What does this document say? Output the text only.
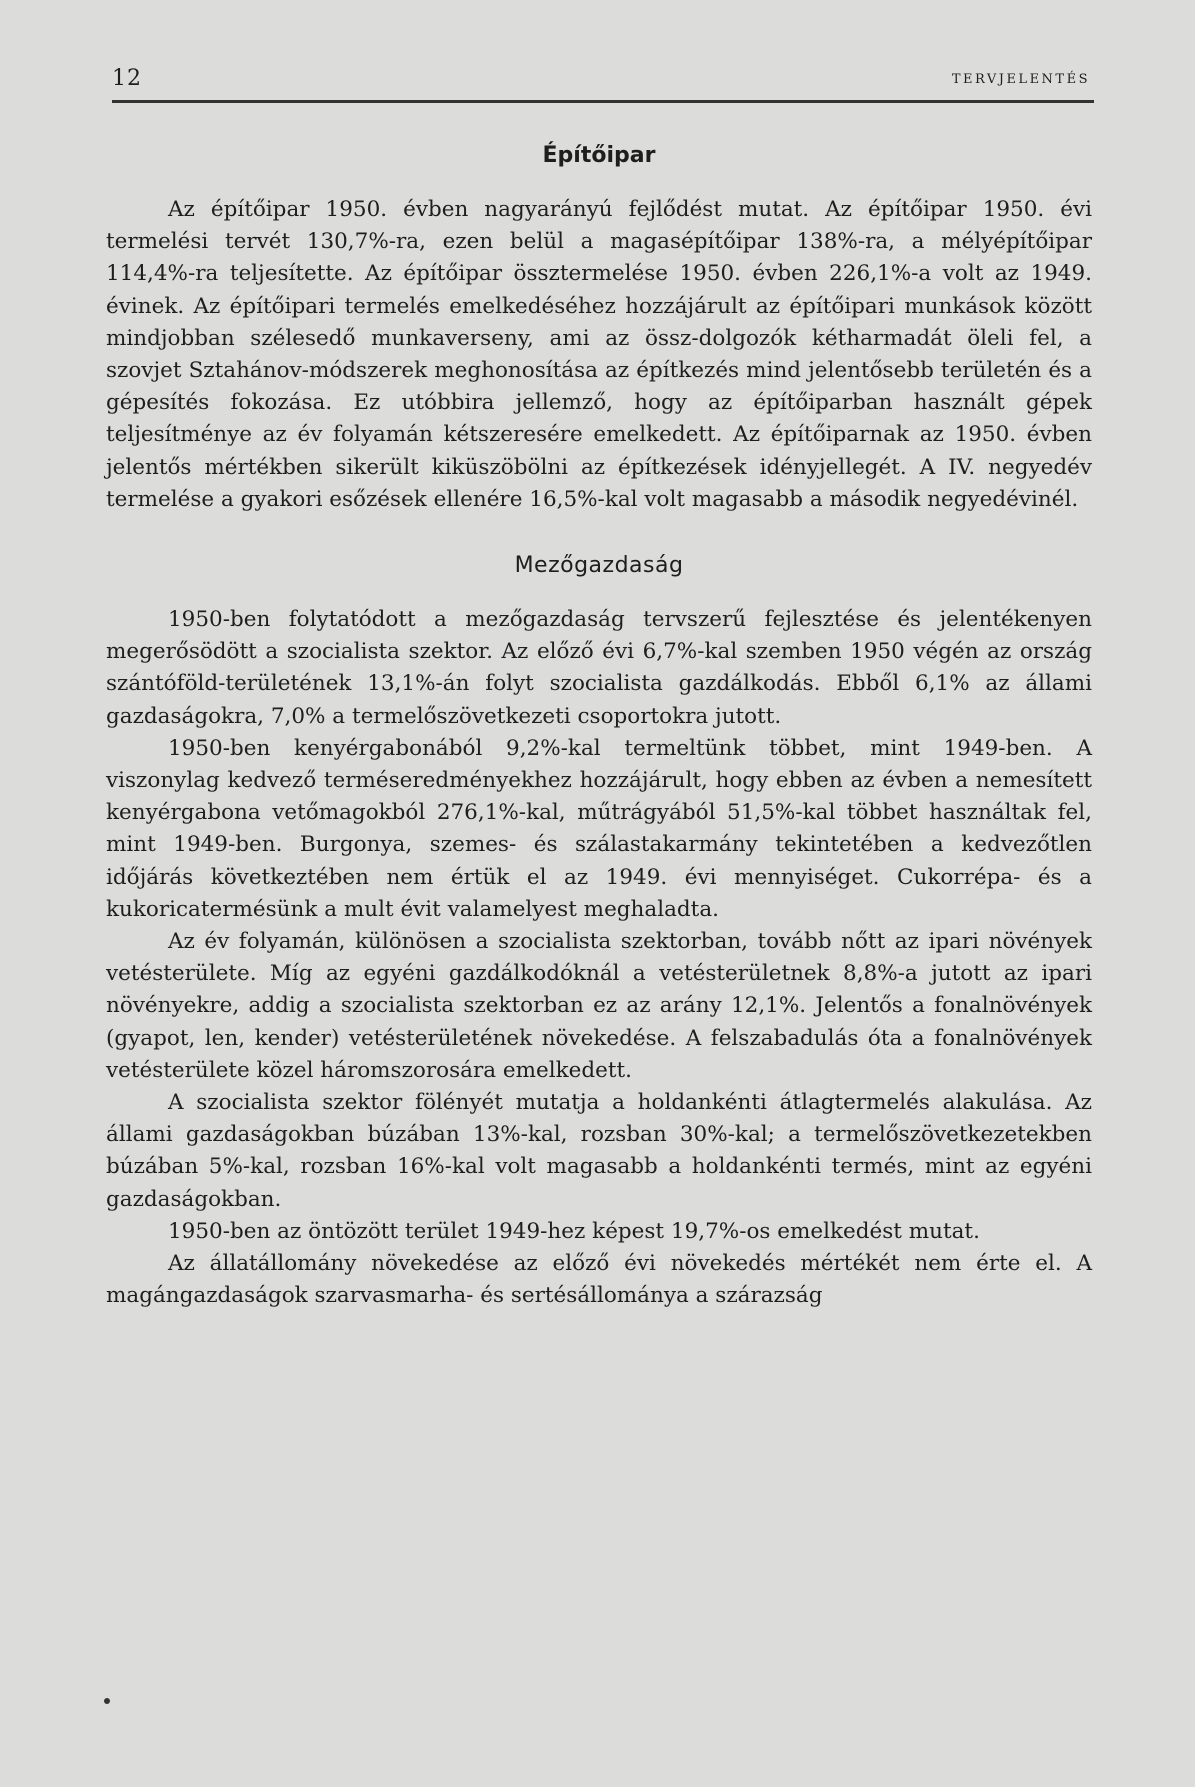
12	TERVJELENTÉS
Építőipar

Az építőipar 1950. évben nagyarányú fejlődést mutat. Az építőipar 1950. évi termelési tervét 130,7%-ra, ezen belül a magasépítőipar 138%-ra, a mélyépítőipar 114,4%-ra teljesítette. Az építőipar össztermelése 1950. évben 226,1%-a volt az 1949. évinek. Az építőipari termelés emelkedéséhez hozzájárult az építőipari munkások között mindjobban szélesedő munkaverseny, ami az össz-dolgozók kétharmadát öleli fel, a szovjet Sztahánov-módszerek meghonosítása az építkezés mind jelentősebb területén és a gépesítés fokozása. Ez utóbbira jellemző, hogy az építőiparban használt gépek teljesítménye az év folyamán kétszeresére emelkedett. Az építőiparnak az 1950. évben jelentős mértékben sikerült kiküszöbölni az építkezések idényjellegét. A IV. negyedév termelése a gyakori esőzések ellenére 16,5%-kal volt magasabb a második negyedévinél.

Mezőgazdaság

1950-ben folytatódott a mezőgazdaság tervszerű fejlesztése és jelentékenyen megerősödött a szocialista szektor. Az előző évi 6,7%-kal szemben 1950 végén az ország szántóföld-területének 13,1%-án folyt szocialista gazdálkodás. Ebből 6,1% az állami gazdaságokra, 7,0% a termelőszövetkezeti csoportokra jutott.

1950-ben kenyérgabonából 9,2%-kal termeltünk többet, mint 1949-ben. A viszonylag kedvező terméseredményekhez hozzájárult, hogy ebben az évben a nemesített kenyérgabona vetőmagokból 276,1%-kal, műtrágyából 51,5%-kal többet használtak fel, mint 1949-ben. Burgonya, szemes- és szálastakarmány tekintetében a kedvezőtlen időjárás következtében nem értük el az 1949. évi mennyiséget. Cukorrépa- és a kukoricatermésünk a mult évit valamelyest meghaladta.

Az év folyamán, különösen a szocialista szektorban, tovább nőtt az ipari növények vetésterülete. Míg az egyéni gazdálkodóknál a vetésterületnek 8,8%-a jutott az ipari növényekre, addig a szocialista szektorban ez az arány 12,1%. Jelentős a fonalnövények (gyapot, len, kender) vetésterületének növekedése. A felszabadulás óta a fonalnövények vetésterülete közel háromszorosára emelkedett.

A szocialista szektor fölényét mutatja a holdankénti átlagtermelés alakulása. Az állami gazdaságokban búzában 13%-kal, rozsban 30%-kal; a termelőszövetkezetekben búzában 5%-kal, rozsban 16%-kal volt magasabb a holdankénti termés, mint az egyéni gazdaságokban.

1950-ben az öntözött terület 1949-hez képest 19,7%-os emelkedést mutat.

Az állatállomány növekedése az előző évi növekedés mértékét nem érte el. A magángazdaságok szarvasmarha- és sertésállománya a szárazság
